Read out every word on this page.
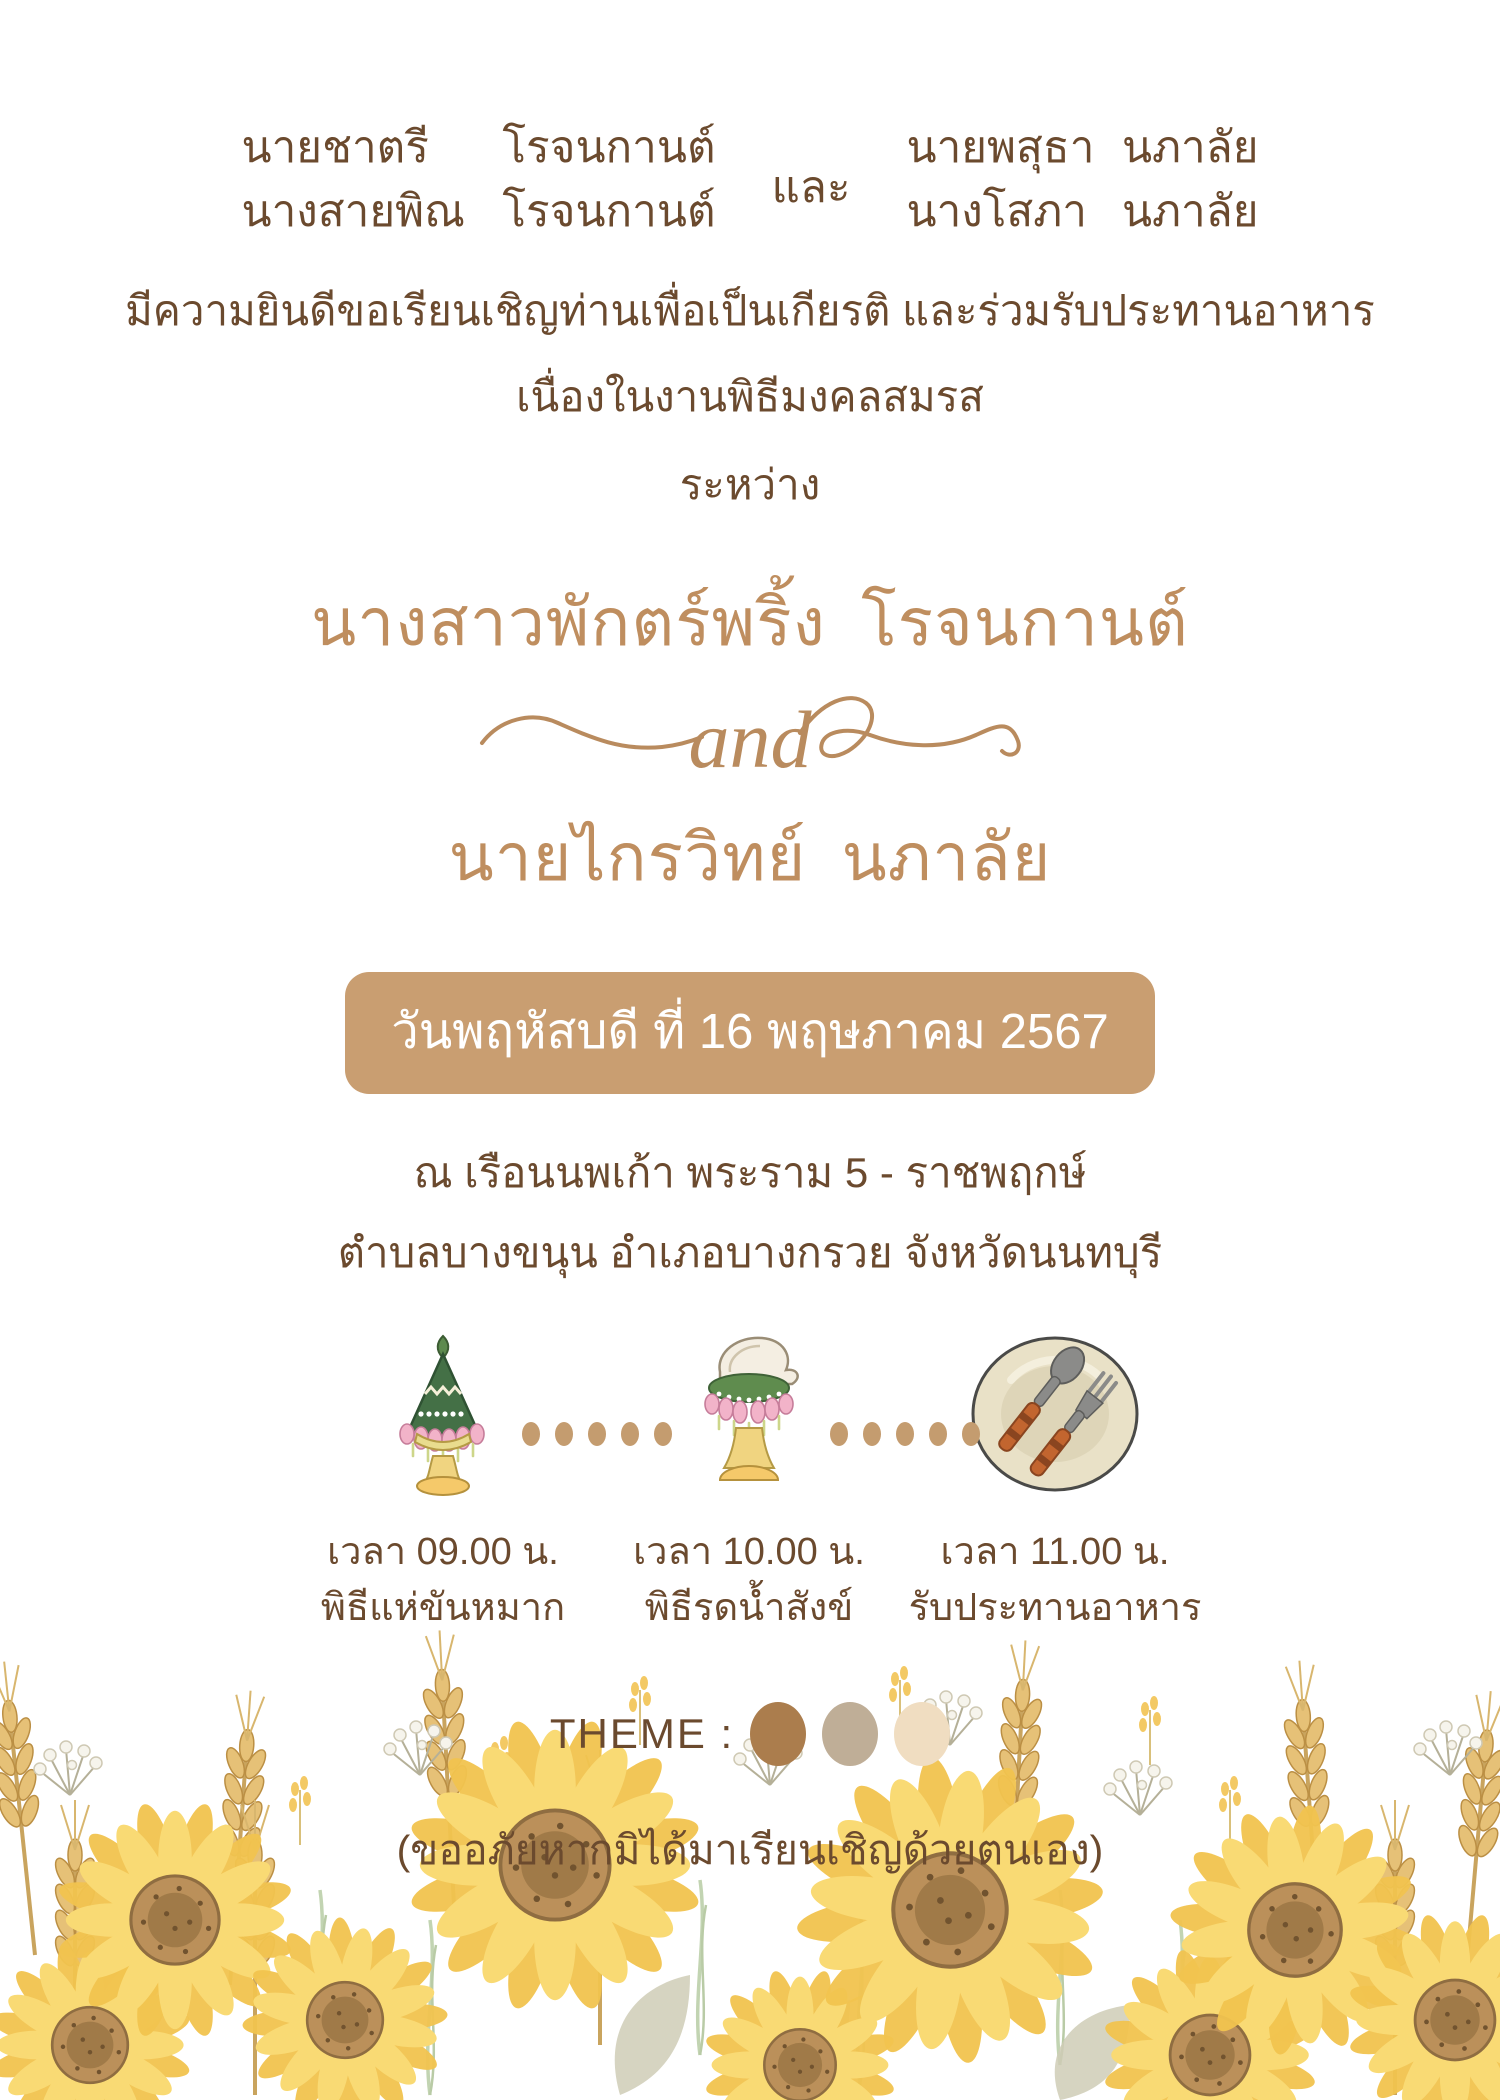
นายชาตรี โรจนกานต์
นางสายพิณ โรจนกานต์ และ
นายพสุธา นภาลัย
นางโสภา นภาลัย
มีความยินดีขอเรียนเชิญท่านเพื่อเป็นเกียรติ และร่วมรับประทานอาหาร
เนื่องในงานพิธีมงคลสมรส
ระหว่าง
นางสาวพักตร์พริ้ง โรจนกานต์
and
นายไกรวิทย์ นภาลัย
วันพฤหัสบดี ที่ 16 พฤษภาคม 2567
ณ เรือนนพเก้า พระราม 5 - ราชพฤกษ์
ตำบลบางขนุน อำเภอบางกรวย จังหวัดนนทบุรี
เวลา 09.00 น.
พิธีแห่ขันหมาก
เวลา 10.00 น.
พิธีรดน้ำสังข์
เวลา 11.00 น.
รับประทานอาหาร
THEME :
(ขออภัยหากมิได้มาเรียนเชิญด้วยตนเอง)
